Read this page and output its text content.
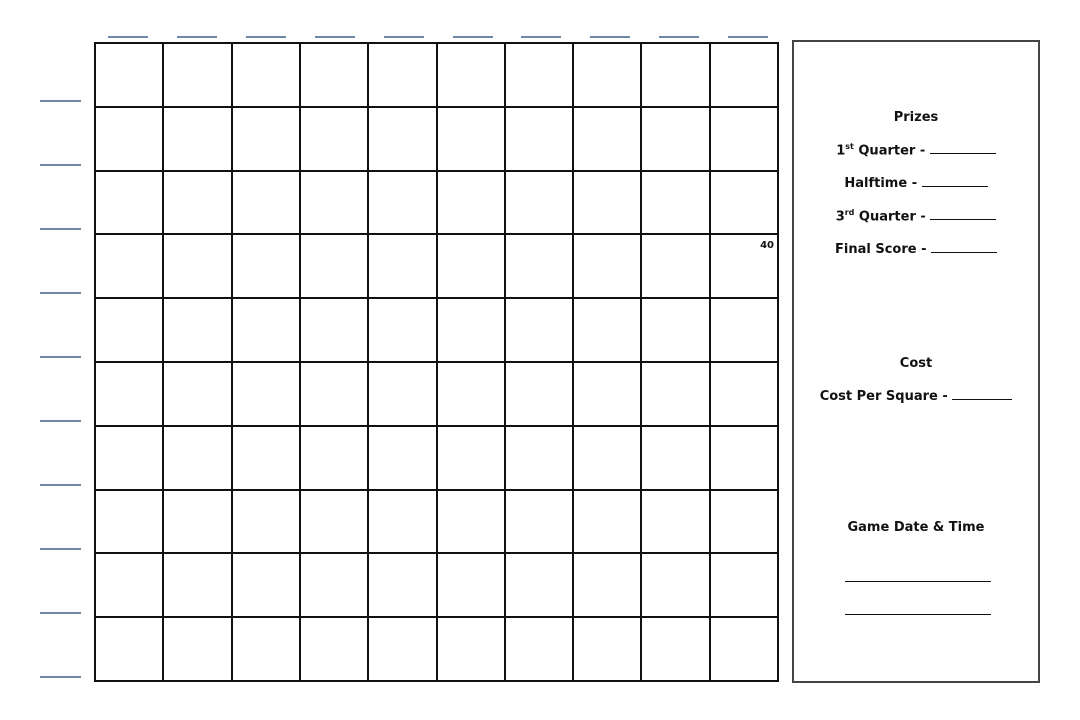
40
Prizes
1st Quarter -
Halftime -
3rd Quarter -
Final Score -
Cost
Cost Per Square -
Game Date & Time
